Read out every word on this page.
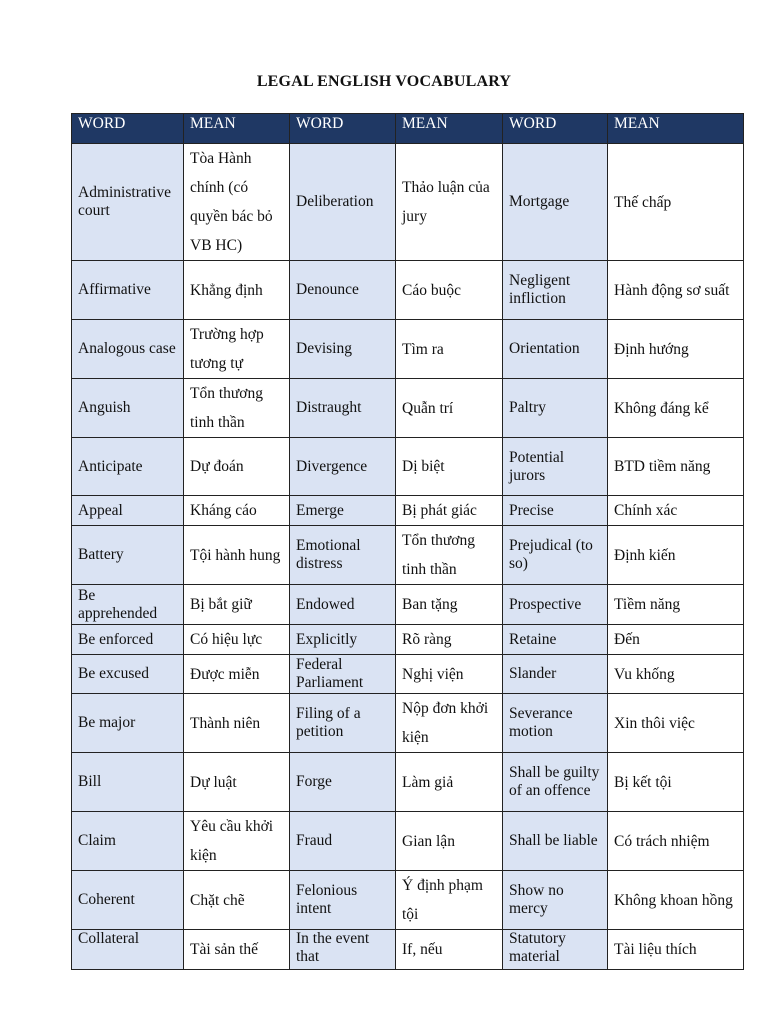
LEGAL ENGLISH VOCABULARY
WORD	MEAN	WORD	MEAN	WORD	MEAN
Administrative court	Tòa Hành chính (có quyền bác bỏ VB HC)	Deliberation	Thảo luận của jury	Mortgage	Thế chấp
Affirmative	Khẳng định	Denounce	Cáo buộc	Negligent infliction	Hành động sơ suất
Analogous case	Trường hợp tương tự	Devising	Tìm ra	Orientation	Định hướng
Anguish	Tổn thương tinh thần	Distraught	Quẫn trí	Paltry	Không đáng kể
Anticipate	Dự đoán	Divergence	Dị biệt	Potential jurors	BTD tiềm năng
Appeal	Kháng cáo	Emerge	Bị phát giác	Precise	Chính xác
Battery	Tội hành hung	Emotional distress	Tổn thương tinh thần	Prejudical (to so)	Định kiến
Be apprehended	Bị bắt giữ	Endowed	Ban tặng	Prospective	Tiềm năng
Be enforced	Có hiệu lực	Explicitly	Rõ ràng	Retaine	Đến
Be excused	Được miễn	Federal Parliament	Nghị viện	Slander	Vu khống
Be major	Thành niên	Filing of a petition	Nộp đơn khởi kiện	Severance motion	Xin thôi việc
Bill	Dự luật	Forge	Làm giả	Shall be guilty of an offence	Bị kết tội
Claim	Yêu cầu khởi kiện	Fraud	Gian lận	Shall be liable	Có trách nhiệm
Coherent	Chặt chẽ	Felonious intent	Ý định phạm tội	Show no mercy	Không khoan hồng
Collateral	Tài sản thế	In the event that	If, nếu	Statutory material	Tài liệu thích
